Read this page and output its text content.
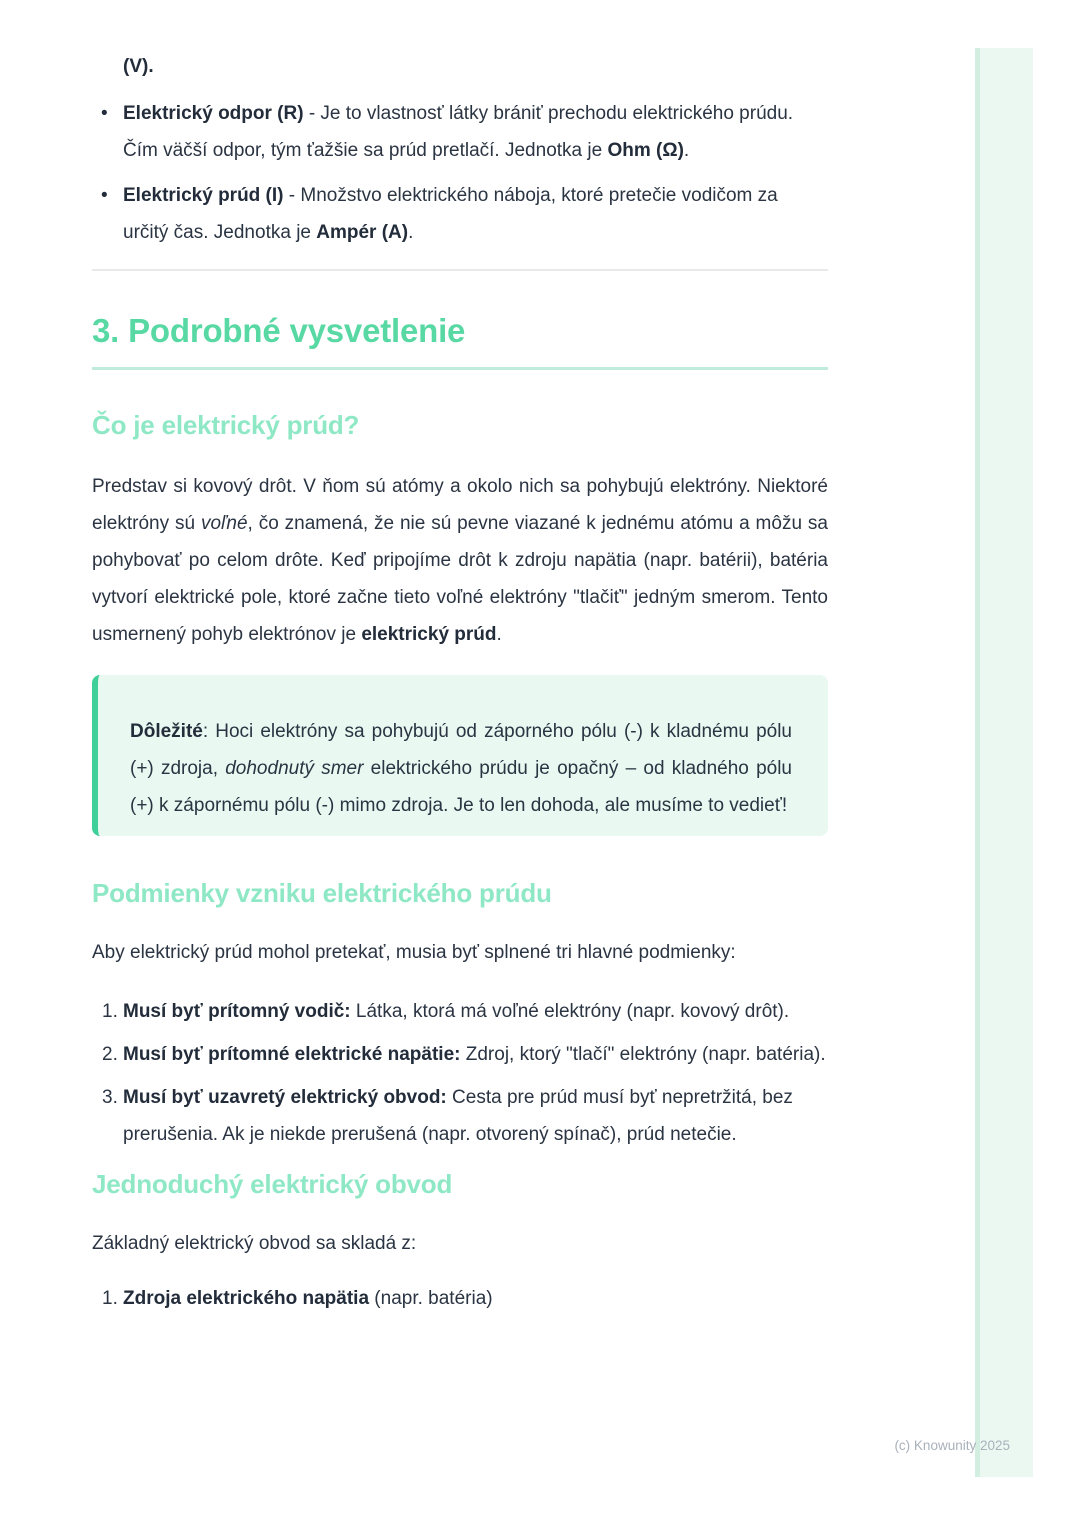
(V).

• Elektrický odpor (R) - Je to vlastnosť látky brániť prechodu elektrického prúdu. Čím väčší odpor, tým ťažšie sa prúd pretlačí. Jednotka je Ohm (Ω).
• Elektrický prúd (I) - Množstvo elektrického náboja, ktoré pretečie vodičom za určitý čas. Jednotka je Ampér (A).
3. Podrobné vysvetlenie
Čo je elektrický prúd?

Predstav si kovový drôt. V ňom sú atómy a okolo nich sa pohybujú elektróny. Niektoré elektróny sú voľné, čo znamená, že nie sú pevne viazané k jednému atómu a môžu sa pohybovať po celom drôte. Keď pripojíme drôt k zdroju napätia (napr. batérii), batéria vytvorí elektrické pole, ktoré začne tieto voľné elektróny "tlačiť" jedným smerom. Tento usmernený pohyb elektrónov je elektrický prúd.

Dôležité: Hoci elektróny sa pohybujú od záporného pólu (-) k kladnému pólu (+) zdroja, dohodnutý smer elektrického prúdu je opačný – od kladného pólu (+) k zápornému pólu (-) mimo zdroja. Je to len dohoda, ale musíme to vedieť!

Podmienky vzniku elektrického prúdu

Aby elektrický prúd mohol pretekať, musia byť splnené tri hlavné podmienky:

1. Musí byť prítomný vodič: Látka, ktorá má voľné elektróny (napr. kovový drôt).
2. Musí byť prítomné elektrické napätie: Zdroj, ktorý "tlačí" elektróny (napr. batéria).
3. Musí byť uzavretý elektrický obvod: Cesta pre prúd musí byť nepretržitá, bez prerušenia. Ak je niekde prerušená (napr. otvorený spínač), prúd netečie.
Jednoduchý elektrický obvod

Základný elektrický obvod sa skladá z:

1. Zdroja elektrického napätia (napr. batéria)
(c) Knowunity 2025
